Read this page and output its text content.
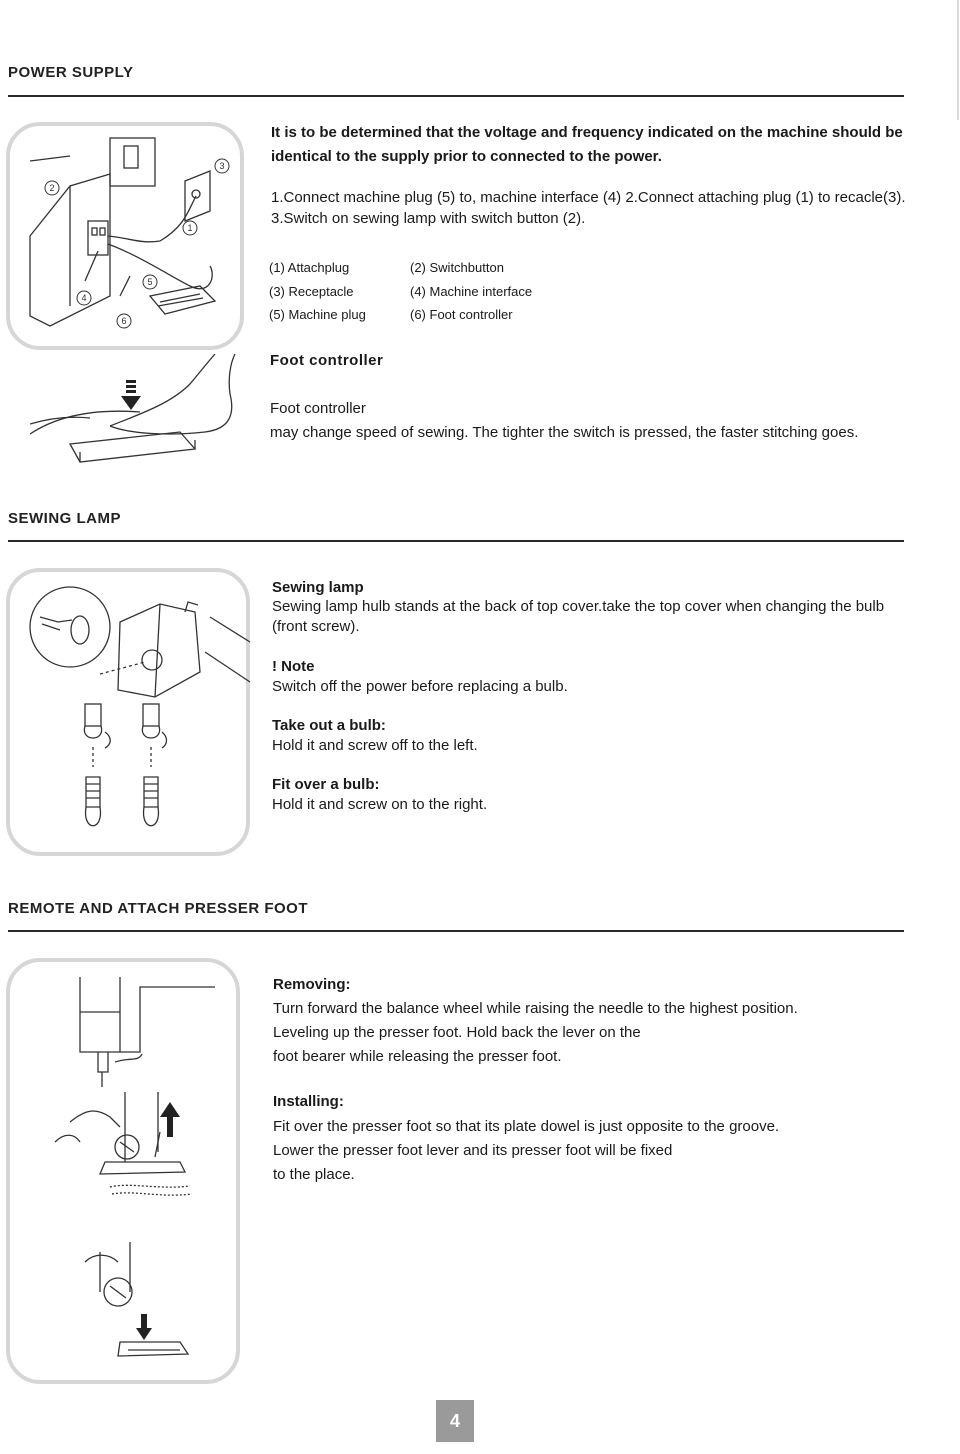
POWER SUPPLY
1
2
3
4
5
6
It is to be determined that the voltage and frequency indicated on the machine should be identical to the supply prior to connected to the power.
1.Connect machine plug (5) to, machine interface (4) 2.Connect attaching plug (1) to recacle(3). 3.Switch on sewing lamp with switch button (2).
(1) Attachplug	(2) Switchbutton
(3) Receptacle	(4) Machine interface
(5) Machine plug	(6) Foot controller
Foot controller
Foot controller
may change speed of sewing. The tighter the switch is pressed, the faster stitching goes.
SEWING LAMP
Sewing lamp
Sewing lamp hulb stands at the back of top cover.take the top cover when changing the bulb (front screw).
! Note
Switch off the power before replacing a bulb.
Take out a bulb:
Hold it and screw off to the left.
Fit over a bulb:
Hold it and screw on to the right.
REMOTE AND ATTACH PRESSER FOOT
Removing:
Turn forward the balance wheel while raising the needle to the highest position.
Leveling up the presser foot. Hold back the lever on the
foot bearer while releasing the presser foot.
Installing:
Fit over the presser foot so that its plate dowel is just opposite to the groove.
Lower the presser foot lever and its presser foot will be fixed
to the place.
4
